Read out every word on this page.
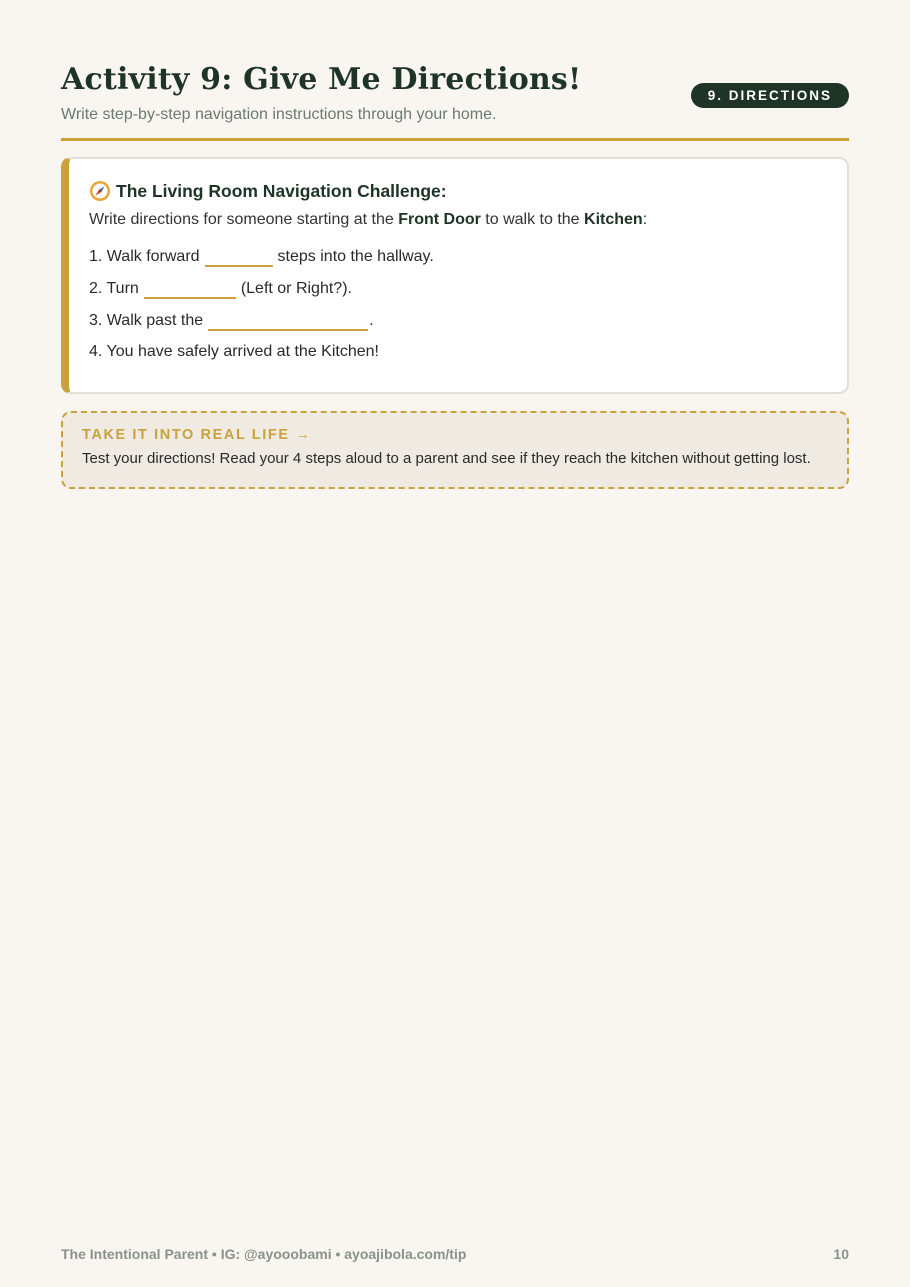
Activity 9: Give Me Directions!
Write step-by-step navigation instructions through your home.
9. DIRECTIONS
The Living Room Navigation Challenge:
Write directions for someone starting at the Front Door to walk to the Kitchen:
1. Walk forward	steps into the hallway.
2. Turn	(Left or Right?).
3. Walk past the	.
4. You have safely arrived at the Kitchen!
TAKE IT INTO REAL LIFE →
Test your directions! Read your 4 steps aloud to a parent and see if they reach the kitchen without getting lost.
The Intentional Parent • IG: @ayooobami • ayoajibola.com/tip	10
